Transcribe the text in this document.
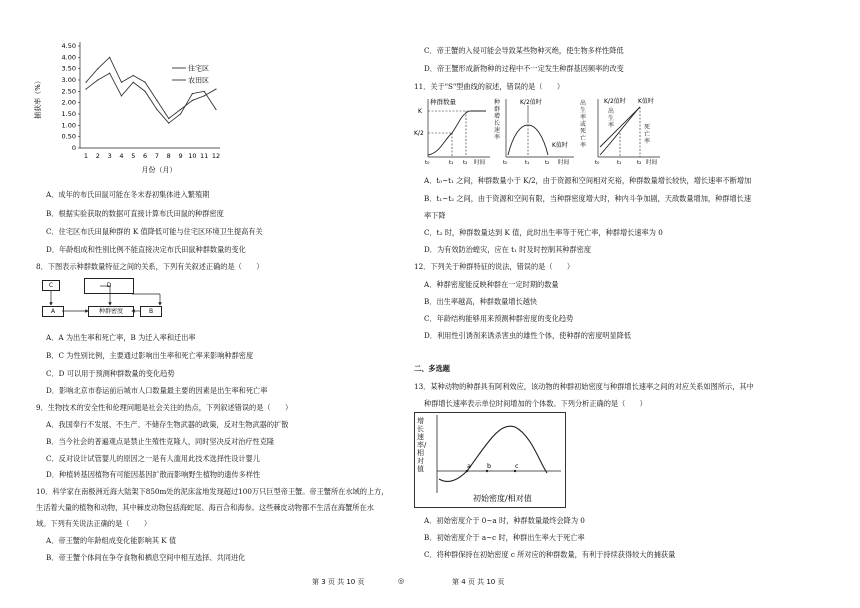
捕获率（%）
4.50
4.00
3.50
3.00
2.50
2.00
1.50
1.00
0.50
0
1 2 3 4 5 6 7 8 9 10 11 12
月份（月）
住宅区
农田区
A．成年的布氏田鼠可能在冬末春初集体进入繁殖期
B．根据实验获取的数据可直接计算布氏田鼠的种群密度
C．住宅区布氏田鼠种群的 K 值降低可能与住宅区环境卫生提高有关
D．年龄组成和性别比例不能直接决定布氏田鼠种群数量的变化
8．下图表示种群数量特征之间的关系，下列有关叙述正确的是（　　）
C	D
A	种群密度	B
A．A 为出生率和死亡率，B 为迁入率和迁出率
B．C 为性别比例，主要通过影响出生率和死亡率来影响种群密度
C．D 可以用于预测种群数量的变化趋势
D．影响北京市春运前后城市人口数量最主要的因素是出生率和死亡率
9．生物技术的安全性和伦理问题是社会关注的热点，下列叙述错误的是（　　）
A．我国奉行不发展、不生产、不储存生物武器的政策，反对生物武器的扩散
B．当今社会的普遍观点是禁止生殖性克隆人，同时坚决反对治疗性克隆
C．反对设计试管婴儿的原因之一是有人滥用此技术选择性设计婴儿
D．种植转基因植物有可能因基因扩散而影响野生植物的遗传多样性
10．科学家在南极洲近海大陆架下850m处的泥床盆地发现超过100万只巨型帝王蟹。帝王蟹所在水域的上方，
生活着大量的植物和动物，其中棘皮动物包括海蛇尾、海百合和海参。这些棘皮动物都不生活在海蟹所在水
域。下列有关说法正确的是（　　）
A．帝王蟹的年龄组成变化能影响其 K 值
B．帝王蟹个体间在争夺食物和栖息空间中相互选择、共同进化
C．帝王蟹的入侵可能会导致某些物种灭绝，使生物多样性降低
D．帝王蟹形成新物种的过程中不一定发生种群基因频率的改变
11．关于"S"型曲线的叙述，错误的是（　　）
种群数量
K
K/2
t₀	t₁ t₂ 时间
K/2值时
K值时
t₀	t₁	t₂ 时间
种群增长速率
K/2值时 K值时
t₀	t₁	t₂ 时间
出生率或死亡率
出生率	死亡率
A．t₀~t₁ 之间，种群数量小于 K/2，由于资源和空间相对充裕，种群数量增长较快，增长速率不断增加
B．t₁~t₂ 之间，由于资源和空间有限，当种群密度增大时，种内斗争加剧，天敌数量增加，种群增长速
率下降
C．t₂ 时，种群数量达到 K 值，此时出生率等于死亡率，种群增长速率为 0
D．为有效防治蝗灾，应在 t₁ 时及时控制其种群密度
12．下列关于种群特征的说法，错误的是（　　）
A．种群密度能反映种群在一定时期的数量
B．出生率越高，种群数量增长越快
C．年龄结构能够用来预测种群密度的变化趋势
D．利用性引诱剂来诱杀害虫的雄性个体，使种群的密度明显降低
二、多选题
13．某种动物的种群具有阿利效应，该动物的种群初始密度与种群增长速率之间的对应关系如图所示，其中
种群增长速率表示单位时间增加的个体数。下列分析正确的是（　　）
增长速率/相对值	a b	c
初始密度/相对值
A．初始密度介于 0~a 时，种群数量最终会降为 0
B．初始密度介于 a~c 时，种群出生率大于死亡率
C．将种群保持在初始密度 c 所对应的种群数量，有利于持续获得较大的捕获量
第 3 页 共 10 页	◎	第 4 页 共 10 页
